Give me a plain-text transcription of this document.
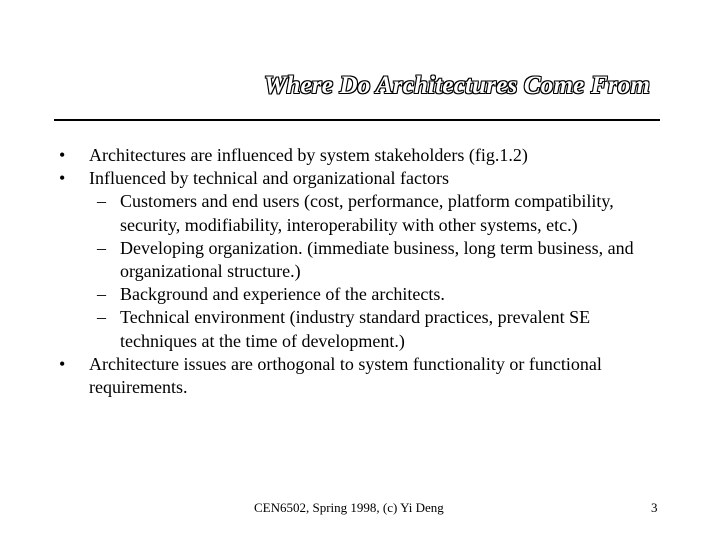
Where Do Architectures Come From
• Architectures are influenced by system stakeholders (fig.1.2)
• Influenced by technical and organizational factors
– Customers and end users (cost, performance, platform compatibility, security, modifiability, interoperability with other systems, etc.)
– Developing organization. (immediate business, long term business, and organizational structure.)
– Background and experience of the architects.
– Technical environment (industry standard practices, prevalent SE techniques at the time of development.)
• Architecture issues are orthogonal to system functionality or functional requirements.
CEN6502, Spring 1998, (c) Yi Deng	3
